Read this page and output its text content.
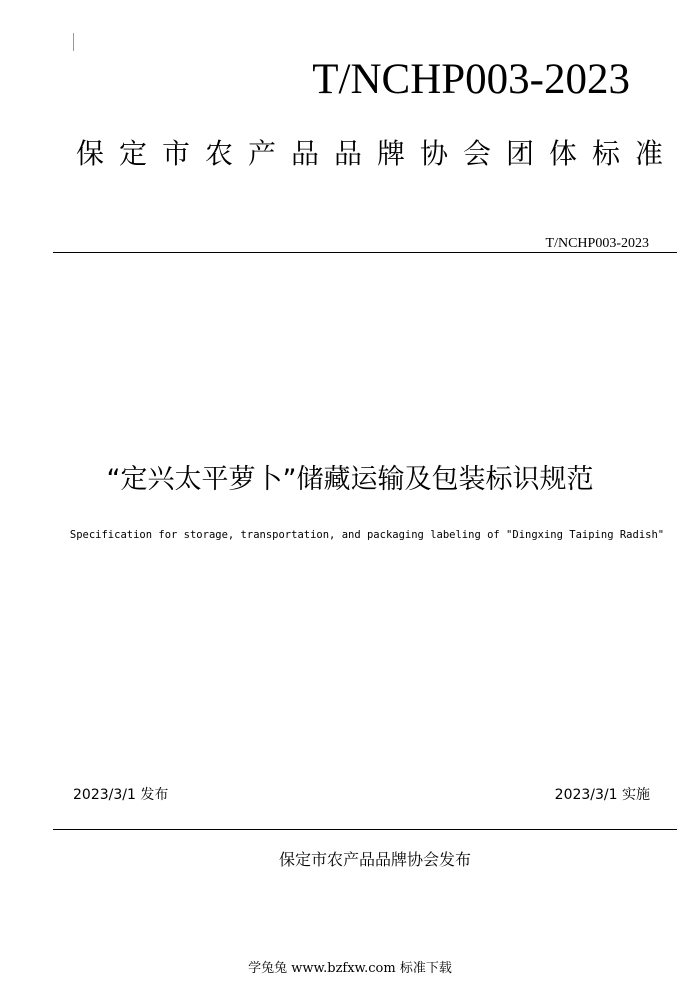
T/NCHP003-2023
保定市农产品品牌协会团体标准
T/NCHP003-2023
“定兴太平萝卜”储藏运输及包装标识规范
Specification for storage, transportation, and packaging labeling of "Dingxing Taiping Radish"
2023/3/1 发布	2023/3/1 实施
保定市农产品品牌协会发布
学兔兔 www.bzfxw.com 标准下载
